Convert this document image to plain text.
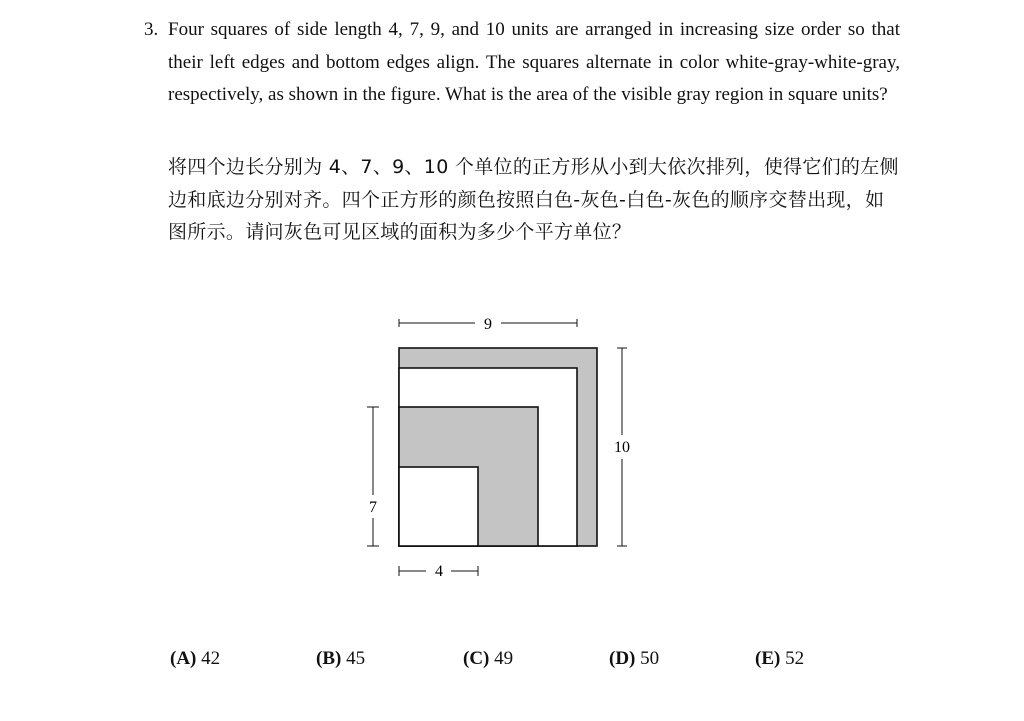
3. Four squares of side length 4, 7, 9, and 10 units are arranged in increasing size order so that their left edges and bottom edges align. The squares alternate in color white-gray-white-gray, respectively, as shown in the figure. What is the area of the visible gray region in square units?
将四个边长分别为 4、7、9、10 个单位的正方形从小到大依次排列，使得它们的左侧边和底边分别对齐。四个正方形的颜色按照白色-灰色-白色-灰色的顺序交替出现，如图所示。请问灰色可见区域的面积为多少个平方单位？
9
10
7
4
(A) 42	(B) 45	(C) 49	(D) 50	(E) 52
